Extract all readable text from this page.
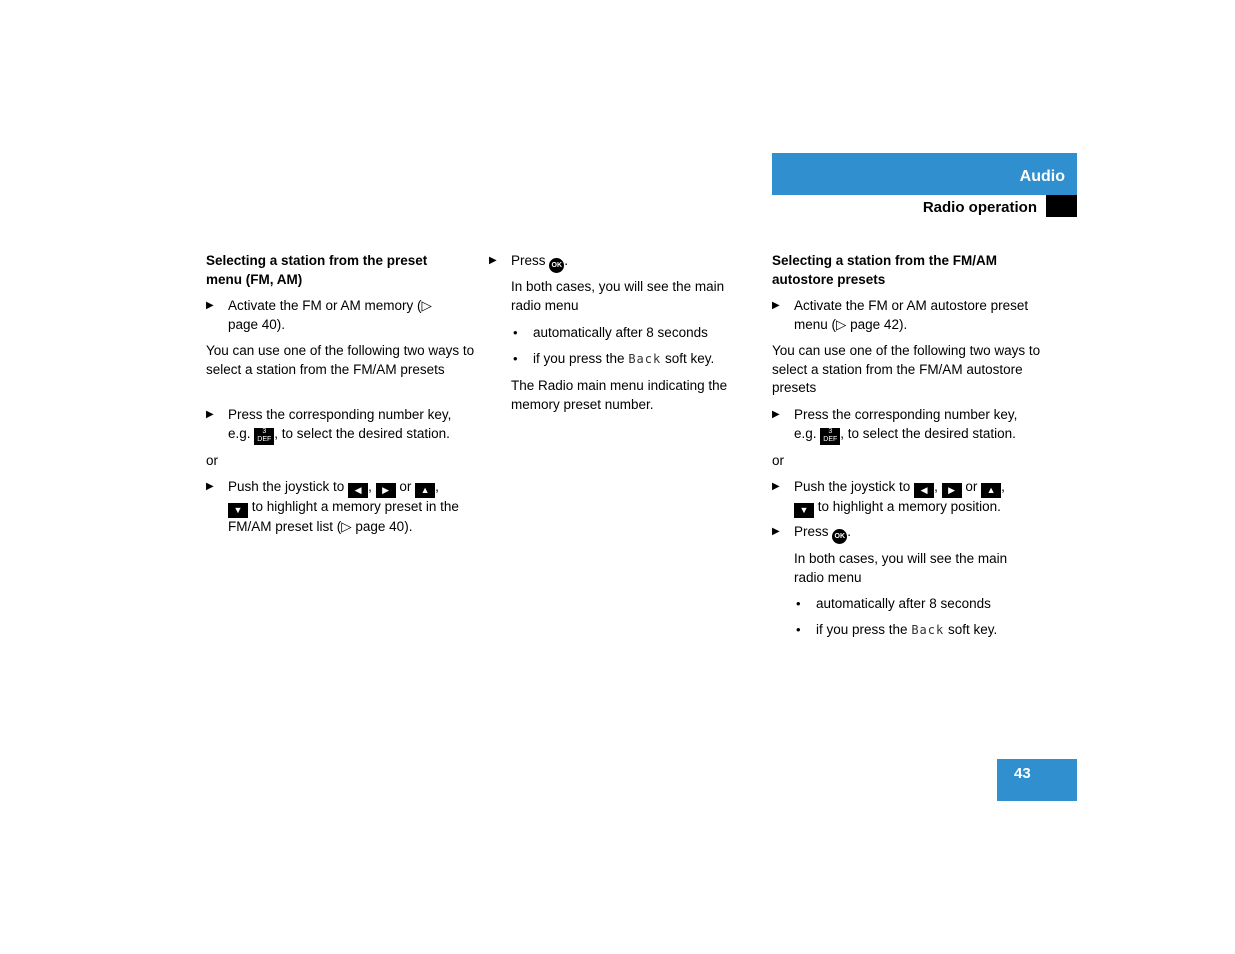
Audio
Radio operation
Selecting a station from the preset menu (FM, AM)
▶ Activate the FM or AM memory (▷ page 40).
You can use one of the following two ways to select a station from the FM/AM presets
▶ Press the corresponding number key,
e.g. 3
DEF , to select the desired station.
or
▶ Push the joystick to ◀ , ▶ or ▲ ,
▼ to highlight a memory preset in the
FM/AM preset list (▷ page 40).
▶ Press OK .
In both cases, you will see the main radio menu
• automatically after 8 seconds
• if you press the Back soft key.
The Radio main menu indicating the memory preset number.
Selecting a station from the FM/AM autostore presets
▶ Activate the FM or AM autostore preset menu (▷ page 42).
You can use one of the following two ways to select a station from the FM/AM autostore presets
▶ Press the corresponding number key,
e.g. 3
DEF , to select the desired station.
or
▶ Push the joystick to ◀ , ▶ or ▲ ,
▼ to highlight a memory position.
▶ Press OK .
In both cases, you will see the main radio menu
• automatically after 8 seconds
• if you press the Back soft key.
43
